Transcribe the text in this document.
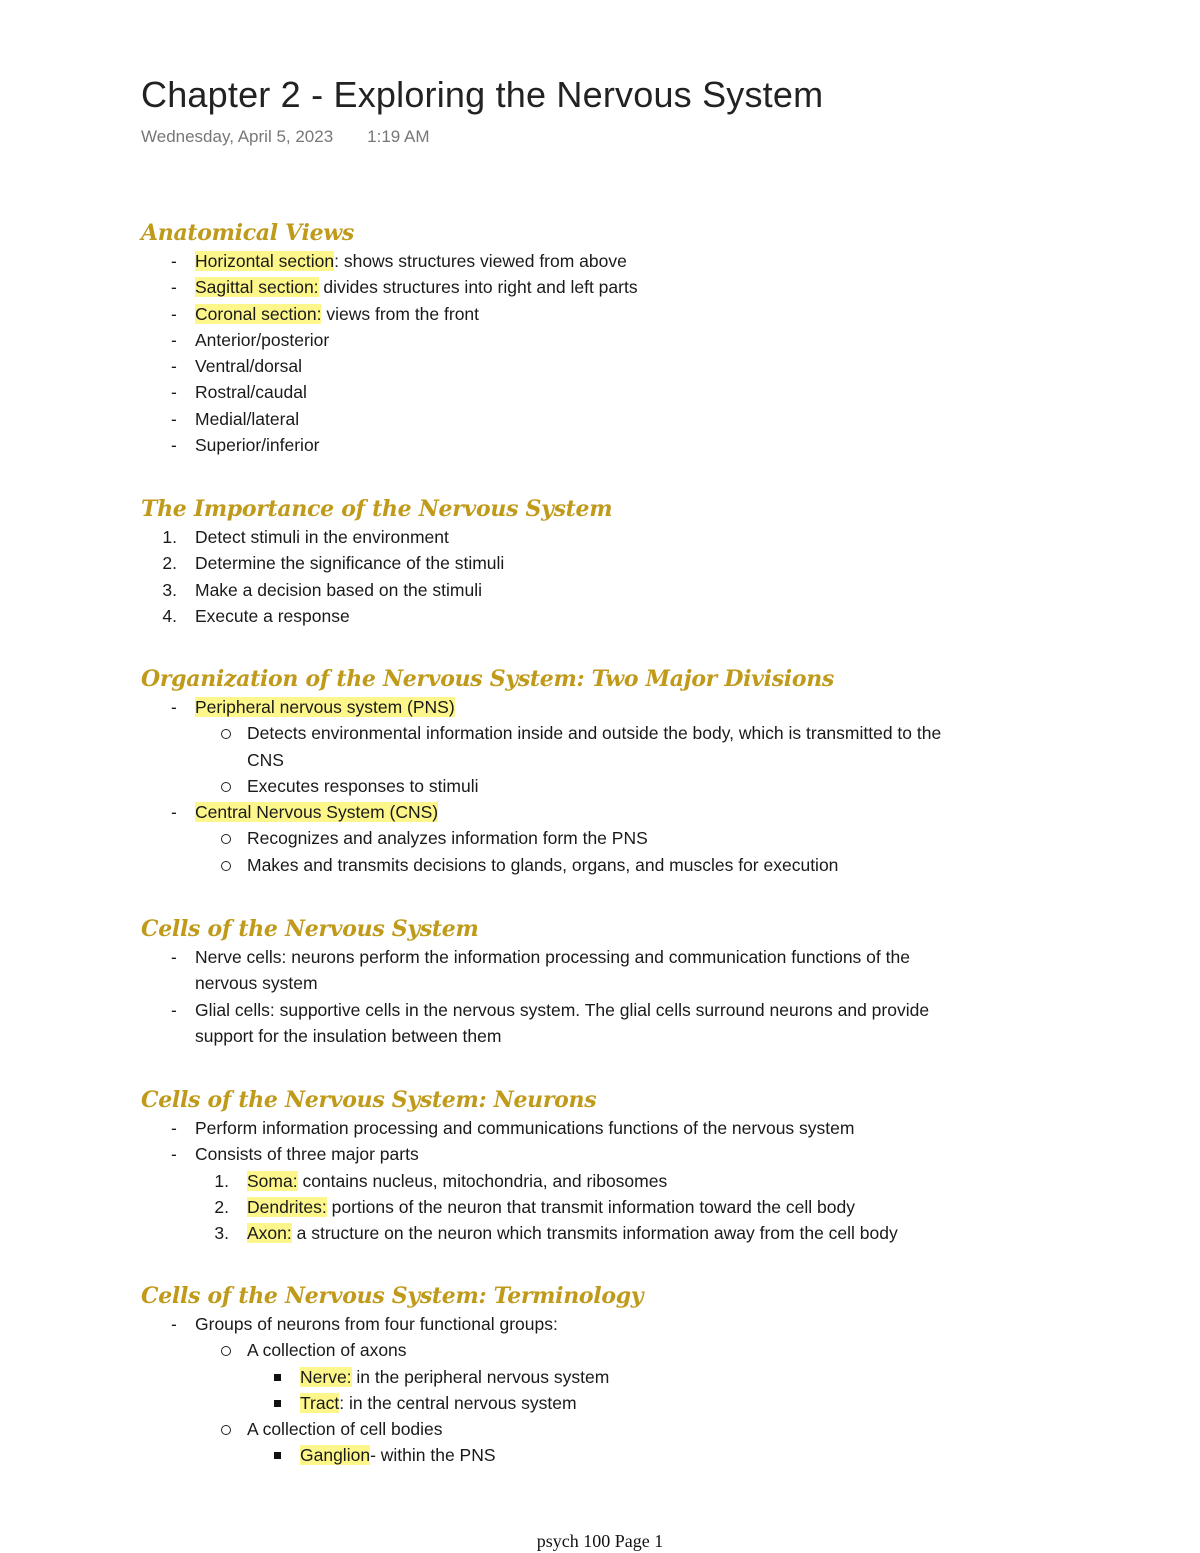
Chapter 2 - Exploring the Nervous System
Wednesday, April 5, 2023 1:19 AM
Anatomical Views
-
Horizontal section: shows structures viewed from above
-
Sagittal section: divides structures into right and left parts
-
Coronal section: views from the front
-
Anterior/posterior
-
Ventral/dorsal
-
Rostral/caudal
-
Medial/lateral
-
Superior/inferior
The Importance of the Nervous System
1. Detect stimuli in the environment
2. Determine the significance of the stimuli
3. Make a decision based on the stimuli
4. Execute a response
Organization of the Nervous System: Two Major Divisions
-
Peripheral nervous system (PNS)
Detects environmental information inside and outside the body, which is transmitted to the
CNS
Executes responses to stimuli
-
Central Nervous System (CNS)
Recognizes and analyzes information form the PNS
Makes and transmits decisions to glands, organs, and muscles for execution
Cells of the Nervous System
-
Nerve cells: neurons perform the information processing and communication functions of the
nervous system
-
Glial cells: supportive cells in the nervous system. The glial cells surround neurons and provide
support for the insulation between them
Cells of the Nervous System: Neurons
-
Perform information processing and communications functions of the nervous system
-
Consists of three major parts
1. Soma: contains nucleus, mitochondria, and ribosomes
2. Dendrites: portions of the neuron that transmit information toward the cell body
3. Axon: a structure on the neuron which transmits information away from the cell body
Cells of the Nervous System: Terminology
-
Groups of neurons from four functional groups:
A collection of axons
Nerve: in the peripheral nervous system
Tract: in the central nervous system
A collection of cell bodies
Ganglion- within the PNS
psych 100 Page 1
